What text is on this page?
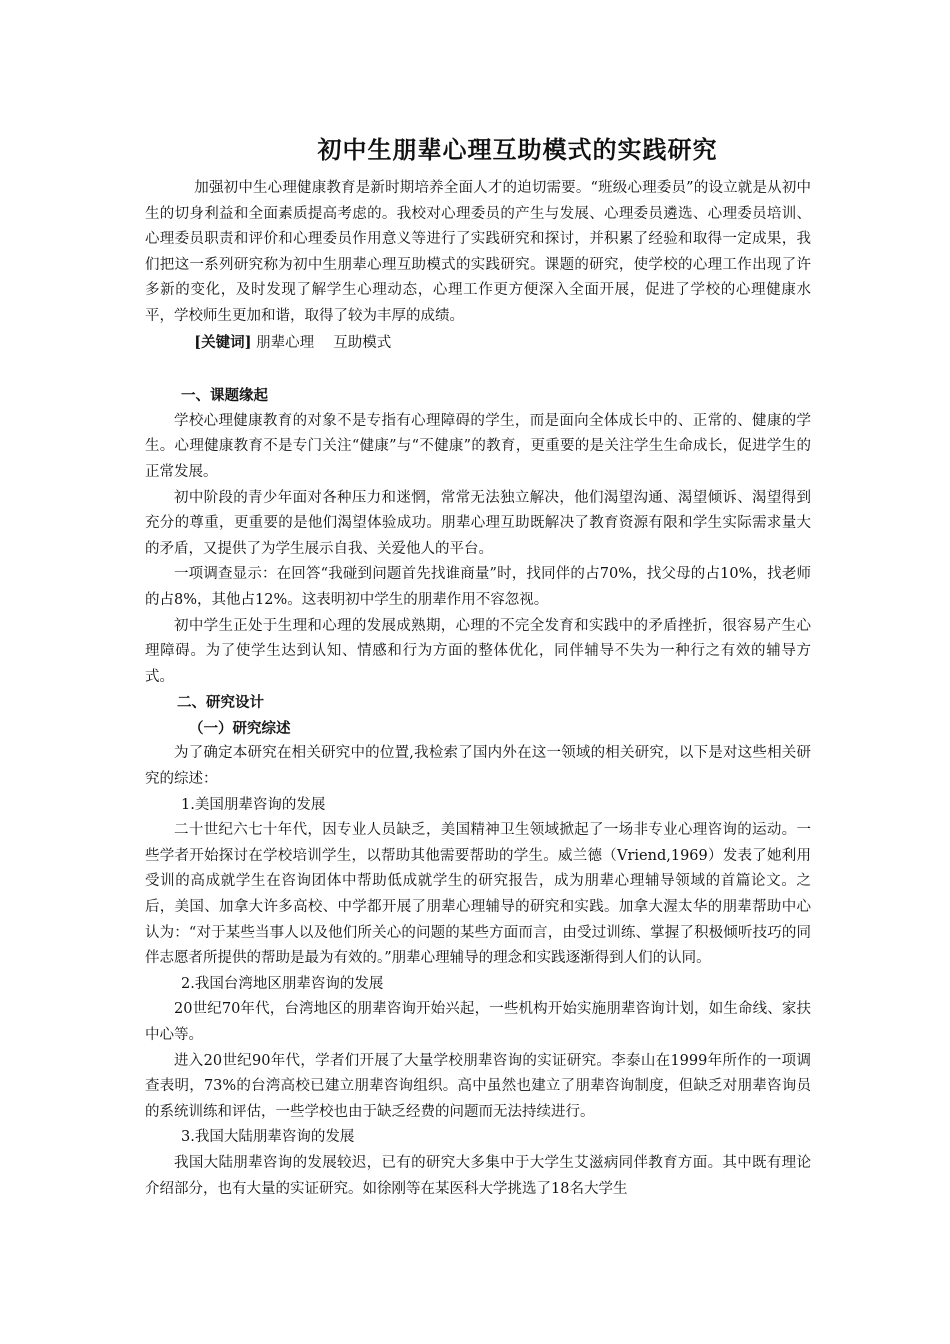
初中生朋辈心理互助模式的实践研究

加强初中生心理健康教育是新时期培养全面人才的迫切需要。“班级心理委员”的设立就是从初中生的切身利益和全面素质提高考虑的。我校对心理委员的产生与发展、心理委员遴选、心理委员培训、心理委员职责和评价和心理委员作用意义等进行了实践研究和探讨，并积累了经验和取得一定成果，我们把这一系列研究称为初中生朋辈心理互助模式的实践研究。课题的研究，使学校的心理工作出现了许多新的变化，及时发现了解学生心理动态，心理工作更方便深入全面开展，促进了学校的心理健康水平，学校师生更加和谐，取得了较为丰厚的成绩。

[关键词] 朋辈心理　 互助模式

一、课题缘起

学校心理健康教育的对象不是专指有心理障碍的学生，而是面向全体成长中的、正常的、健康的学生。心理健康教育不是专门关注“健康”与“不健康”的教育，更重要的是关注学生生命成长，促进学生的正常发展。

初中阶段的青少年面对各种压力和迷惘，常常无法独立解决，他们渴望沟通、渴望倾诉、渴望得到充分的尊重，更重要的是他们渴望体验成功。朋辈心理互助既解决了教育资源有限和学生实际需求量大的矛盾，又提供了为学生展示自我、关爱他人的平台。

一项调查显示：在回答“我碰到问题首先找谁商量”时，找同伴的占70%，找父母的占10%，找老师的占8%，其他占12%。这表明初中学生的朋辈作用不容忽视。

初中学生正处于生理和心理的发展成熟期，心理的不完全发育和实践中的矛盾挫折，很容易产生心理障碍。为了使学生达到认知、情感和行为方面的整体优化，同伴辅导不失为一种行之有效的辅导方式。

二、研究设计

（一）研究综述

为了确定本研究在相关研究中的位置,我检索了国内外在这一领域的相关研究，以下是对这些相关研究的综述：

1.美国朋辈咨询的发展

二十世纪六七十年代，因专业人员缺乏，美国精神卫生领域掀起了一场非专业心理咨询的运动。一些学者开始探讨在学校培训学生，以帮助其他需要帮助的学生。威兰德（Vriend,1969）发表了她利用受训的高成就学生在咨询团体中帮助低成就学生的研究报告，成为朋辈心理辅导领域的首篇论文。之后，美国、加拿大许多高校、中学都开展了朋辈心理辅导的研究和实践。加拿大渥太华的朋辈帮助中心认为：“对于某些当事人以及他们所关心的问题的某些方面而言，由受过训练、掌握了积极倾听技巧的同伴志愿者所提供的帮助是最为有效的。”朋辈心理辅导的理念和实践逐渐得到人们的认同。

2.我国台湾地区朋辈咨询的发展

20世纪70年代，台湾地区的朋辈咨询开始兴起，一些机构开始实施朋辈咨询计划，如生命线、家扶中心等。

进入20世纪90年代，学者们开展了大量学校朋辈咨询的实证研究。李泰山在1999年所作的一项调查表明，73%的台湾高校已建立朋辈咨询组织。高中虽然也建立了朋辈咨询制度，但缺乏对朋辈咨询员的系统训练和评估，一些学校也由于缺乏经费的问题而无法持续进行。

3.我国大陆朋辈咨询的发展

我国大陆朋辈咨询的发展较迟，已有的研究大多集中于大学生艾滋病同伴教育方面。其中既有理论介绍部分，也有大量的实证研究。如徐刚等在某医科大学挑选了18名大学生
